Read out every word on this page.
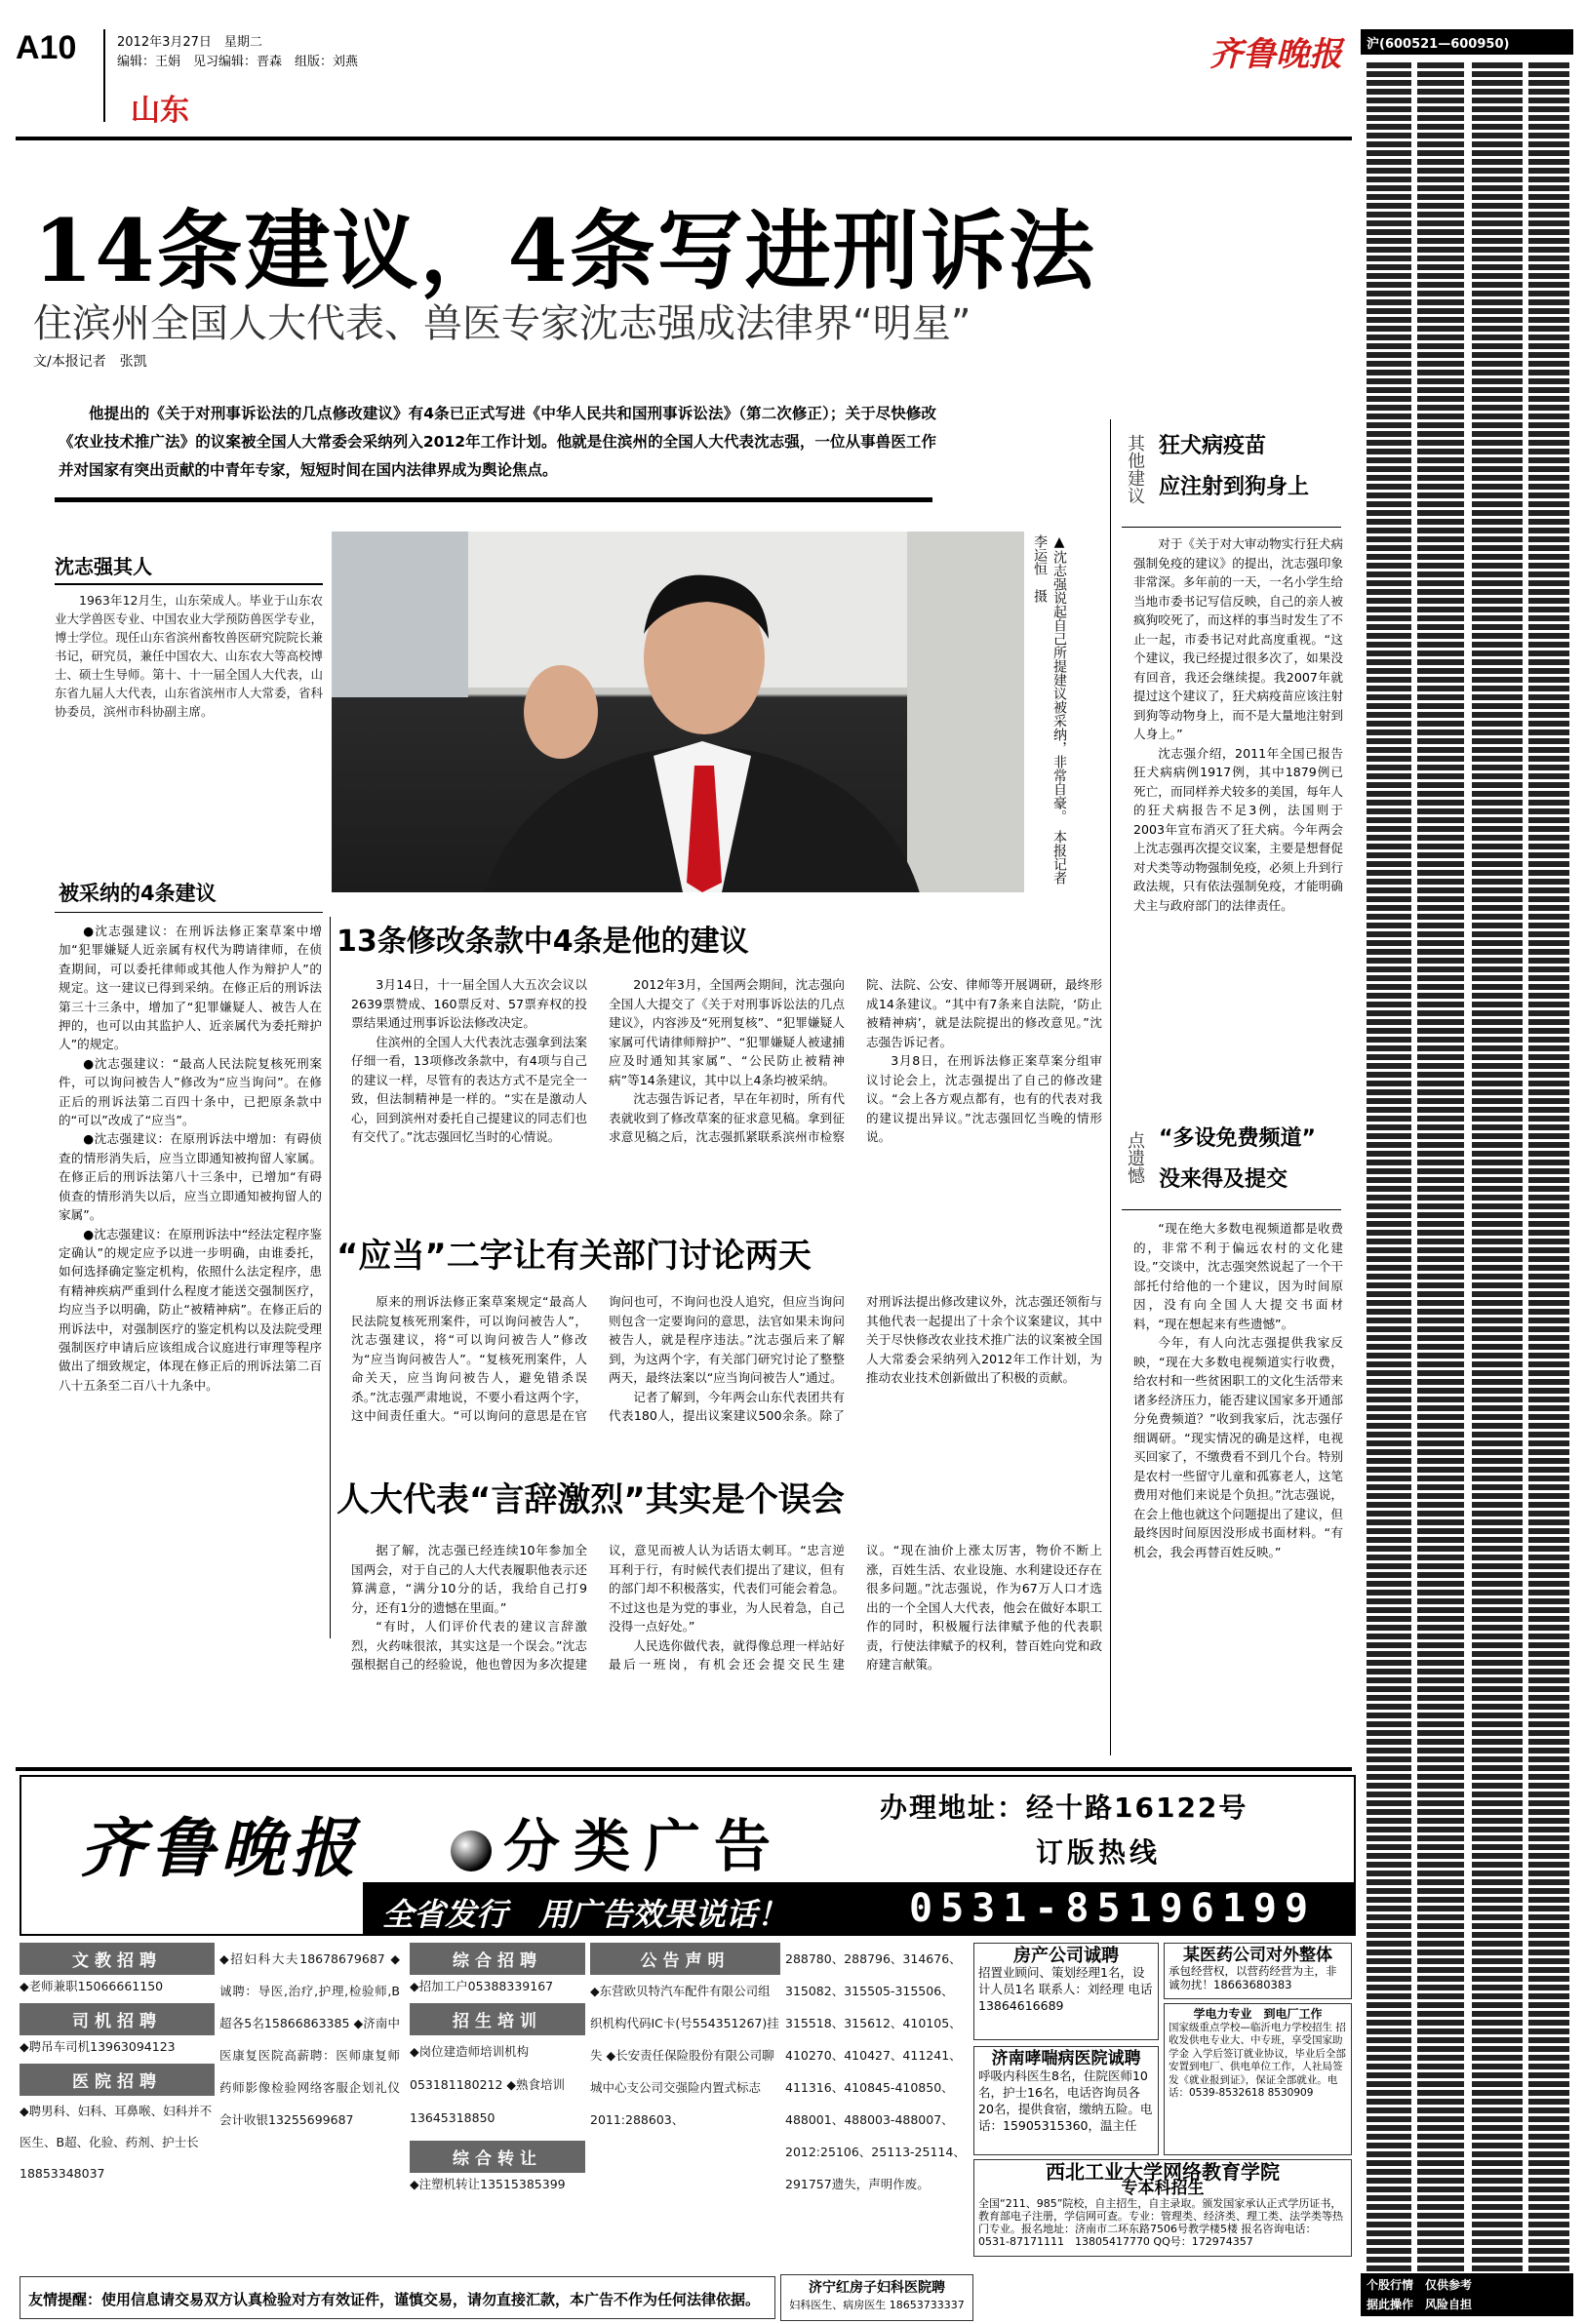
A10	2012年3月27日　星期二
编辑：王娟　见习编辑：晋森　组版：刘燕
山东
齐鲁晚报	沪(600521—600950)
个股行情　仅供参考
据此操作　风险自担
14条建议，4条写进刑诉法
住滨州全国人大代表、兽医专家沈志强成法律界“明星”
文/本报记者　张凯
他提出的《关于对刑事诉讼法的几点修改建议》有4条已正式写进《中华人民共和国刑事诉讼法》（第二次修正）；关于尽快修改《农业技术推广法》的议案被全国人大常委会采纳列入2012年工作计划。他就是住滨州的全国人大代表沈志强，一位从事兽医工作并对国家有突出贡献的中青年专家，短短时间在国内法律界成为舆论焦点。
沈志强其人
1963年12月生，山东荣成人。毕业于山东农业大学兽医专业、中国农业大学预防兽医学专业，博士学位。现任山东省滨州畜牧兽医研究院院长兼书记，研究员，兼任中国农大、山东农大等高校博士、硕士生导师。第十、十一届全国人大代表，山东省九届人大代表，山东省滨州市人大常委，省科协委员，滨州市科协副主席。	▲沈志强说起自己所提建议被采纳，非常自豪。　本报记者　李运恒　摄
被采纳的4条建议

●沈志强建议：在刑诉法修正案草案中增加“犯罪嫌疑人近亲属有权代为聘请律师，在侦查期间，可以委托律师或其他人作为辩护人”的规定。这一建议已得到采纳。在修正后的刑诉法第三十三条中，增加了“犯罪嫌疑人、被告人在押的，也可以由其监护人、近亲属代为委托辩护人”的规定。

●沈志强建议：“最高人民法院复核死刑案件，可以询问被告人”修改为“应当询问”。在修正后的刑诉法第二百四十条中，已把原条款中的“可以”改成了“应当”。

●沈志强建议：在原刑诉法中增加：有碍侦查的情形消失后，应当立即通知被拘留人家属。在修正后的刑诉法第八十三条中，已增加“有碍侦查的情形消失以后，应当立即通知被拘留人的家属”。

●沈志强建议：在原刑诉法中“经法定程序鉴定确认”的规定应予以进一步明确，由谁委托，如何选择确定鉴定机构，依照什么法定程序，患有精神疾病严重到什么程度才能送交强制医疗，均应当予以明确，防止“被精神病”。在修正后的刑诉法中，对强制医疗的鉴定机构以及法院受理强制医疗申请后应该组成合议庭进行审理等程序做出了细致规定，体现在修正后的刑诉法第二百八十五条至二百八十九条中。

13条修改条款中4条是他的建议

3月14日，十一届全国人大五次会议以2639票赞成、160票反对、57票弃权的投票结果通过刑事诉讼法修改决定。

住滨州的全国人大代表沈志强拿到法案仔细一看，13项修改条款中，有4项与自己的建议一样，尽管有的表达方式不是完全一致，但法制精神是一样的。“实在是激动人心，回到滨州对委托自己提建议的同志们也有交代了。”沈志强回忆当时的心情说。

2012年3月，全国两会期间，沈志强向全国人大提交了《关于对刑事诉讼法的几点建议》，内容涉及“死刑复核”、“犯罪嫌疑人家属可代请律师辩护”、“犯罪嫌疑人被逮捕应及时通知其家属”、“公民防止被精神病”等14条建议，其中以上4条均被采纳。

沈志强告诉记者，早在年初时，所有代表就收到了修改草案的征求意见稿。拿到征求意见稿之后，沈志强抓紧联系滨州市检察院、法院、公安、律师等开展调研，最终形成14条建议。“其中有7条来自法院，‘防止被精神病’，就是法院提出的修改意见。”沈志强告诉记者。

3月8日，在刑诉法修正案草案分组审议讨论会上，沈志强提出了自己的修改建议。“会上各方观点都有，也有的代表对我的建议提出异议。”沈志强回忆当晚的情形说。

“应当”二字让有关部门讨论两天

原来的刑诉法修正案草案规定“最高人民法院复核死刑案件，可以询问被告人”，沈志强建议，将“可以询问被告人”修改为“应当询问被告人”。“复核死刑案件，人命关天，应当询问被告人，避免错杀误杀。”沈志强严肃地说，不要小看这两个字，这中间责任重大。“可以询问的意思是在官询问也可，不询问也没人追究，但应当询问则包含一定要询问的意思，法官如果未询问被告人，就是程序违法。”沈志强后来了解到，为这两个字，有关部门研究讨论了整整两天，最终法案以“应当询问被告人”通过。

记者了解到，今年两会山东代表团共有代表180人，提出议案建议500余条。除了对刑诉法提出修改建议外，沈志强还领衔与其他代表一起提出了十余个议案建议，其中关于尽快修改农业技术推广法的议案被全国人大常委会采纳列入2012年工作计划，为推动农业技术创新做出了积极的贡献。

人大代表“言辞激烈”其实是个误会

据了解，沈志强已经连续10年参加全国两会，对于自己的人大代表履职他表示还算满意，“满分10分的话，我给自己打9分，还有1分的遗憾在里面。”

“有时，人们评价代表的建议言辞激烈，火药味很浓，其实这是一个误会。”沈志强根据自己的经验说，他也曾因为多次提建议，意见而被人认为话语太刺耳。“忠言逆耳利于行，有时候代表们提出了建议，但有的部门却不积极落实，代表们可能会着急。不过这也是为党的事业，为人民着急，自己没得一点好处。”

人民选你做代表，就得像总理一样站好最后一班岗，有机会还会提交民生建议。“现在油价上涨太厉害，物价不断上涨，百姓生活、农业设施、水利建设还存在很多问题。”沈志强说，作为67万人口才选出的一个全国人大代表，他会在做好本职工作的同时，积极履行法律赋予他的代表职责，行使法律赋予的权利，替百姓向党和政府建言献策。

其他建议 狂犬病疫苗
应注射到狗身上

对于《关于对大审动物实行狂犬病强制免疫的建议》的提出，沈志强印象非常深。多年前的一天，一名小学生给当地市委书记写信反映，自己的亲人被疯狗咬死了，而这样的事当时发生了不止一起，市委书记对此高度重视。“这个建议，我已经提过很多次了，如果没有回音，我还会继续提。我2007年就提过这个建议了，狂犬病疫苗应该注射到狗等动物身上，而不是大量地注射到人身上。”

沈志强介绍，2011年全国已报告狂犬病病例1917例，其中1879例已死亡，而同样养犬较多的美国，每年人的狂犬病报告不足3例，法国则于2003年宣布消灭了狂犬病。今年两会上沈志强再次提交议案，主要是想督促对犬类等动物强制免疫，必须上升到行政法规，只有依法强制免疫，才能明确犬主与政府部门的法律责任。

点遗憾 “多设免费频道”
没来得及提交

“现在绝大多数电视频道都是收费的，非常不利于偏远农村的文化建设。”交谈中，沈志强突然说起了一个干部托付给他的一个建议，因为时间原因，没有向全国人大提交书面材料，“现在想起来有些遗憾”。

今年，有人向沈志强提供我家反映，“现在大多数电视频道实行收费，给农村和一些贫困职工的文化生活带来诸多经济压力，能否建议国家多开通部分免费频道？”收到我家后，沈志强仔细调研。“现实情况的确是这样，电视买回家了，不缴费看不到几个台。特别是农村一些留守儿童和孤寡老人，这笔费用对他们来说是个负担。”沈志强说，在会上他也就这个问题提出了建议，但最终因时间原因没形成书面材料。“有机会，我会再替百姓反映。”

齐鲁晚报	分类广告
办理地址：经十路16122号
订版热线
全省发行　用广告效果说话！	0531-85196199
文教招聘
◆老师兼职15066661150
司机招聘
◆聘吊车司机13963094123
医院招聘
◆聘男科、妇科、耳鼻喉、妇科并不医生、B超、化验、药剂、护士长18853348037
◆招妇科大夫18678679687 ◆诚聘：导医,治疗,护理,检验师,B超各5名15866863385 ◆济南中医康复医院高薪聘：医师康复师药师影像检验网络客服企划礼仪会计收银13255699687
综合招聘
◆招加工户05388339167
招生培训
◆岗位建造师培训机构053181180212 ◆熟食培训13645318850
综合转让
◆注塑机转让13515385399
公告声明
◆东营欧贝特汽车配件有限公司组织机构代码IC卡(号554351267)挂失 ◆长安责任保险股份有限公司聊城中心支公司交强险内置式标志2011:288603、
288780、288796、314676、315082、315505-315506、315518、315612、410105、410270、410427、411241、411316、410845-410850、488001、488003-488007、2012:25106、25113-25114、291757遗失，声明作废。
房产公司诚聘
招置业顾问、策划经理1名，设计人员1名 联系人：刘经理 电话13864616689
某医药公司对外整体
承包经营权，以营药经营为主，非诚勿扰！18663680383
济南哮喘病医院诚聘
呼吸内科医生8名，住院医师10名，护士16名，电话咨询员各20名，提供食宿，缴纳五险。电话：15905315360，温主任
学电力专业　到电厂工作
国家级重点学校—临沂电力学校招生 招收发供电专业大、中专班，享受国家助学金 入学后签订就业协议，毕业后全部安置到电厂、供电单位工作，人社局签发《就业报到证》，保证全部就业。电话：0539-8532618 8530909
西北工业大学网络教育学院
专本科招生
全国“211、985”院校，自主招生，自主录取。颁发国家承认正式学历证书，教育部电子注册，学信网可查。专业：管理类、经济类、理工类、法学类等热门专业。报名地址：济南市二环东路7506号教学楼5楼 报名咨询电话：0531-87171111　13805417770 QQ号：172974357
济宁红房子妇科医院聘
妇科医生、病房医生 18653733337
友情提醒：使用信息请交易双方认真检验对方有效证件，谨慎交易，请勿直接汇款，本广告不作为任何法律依据。
